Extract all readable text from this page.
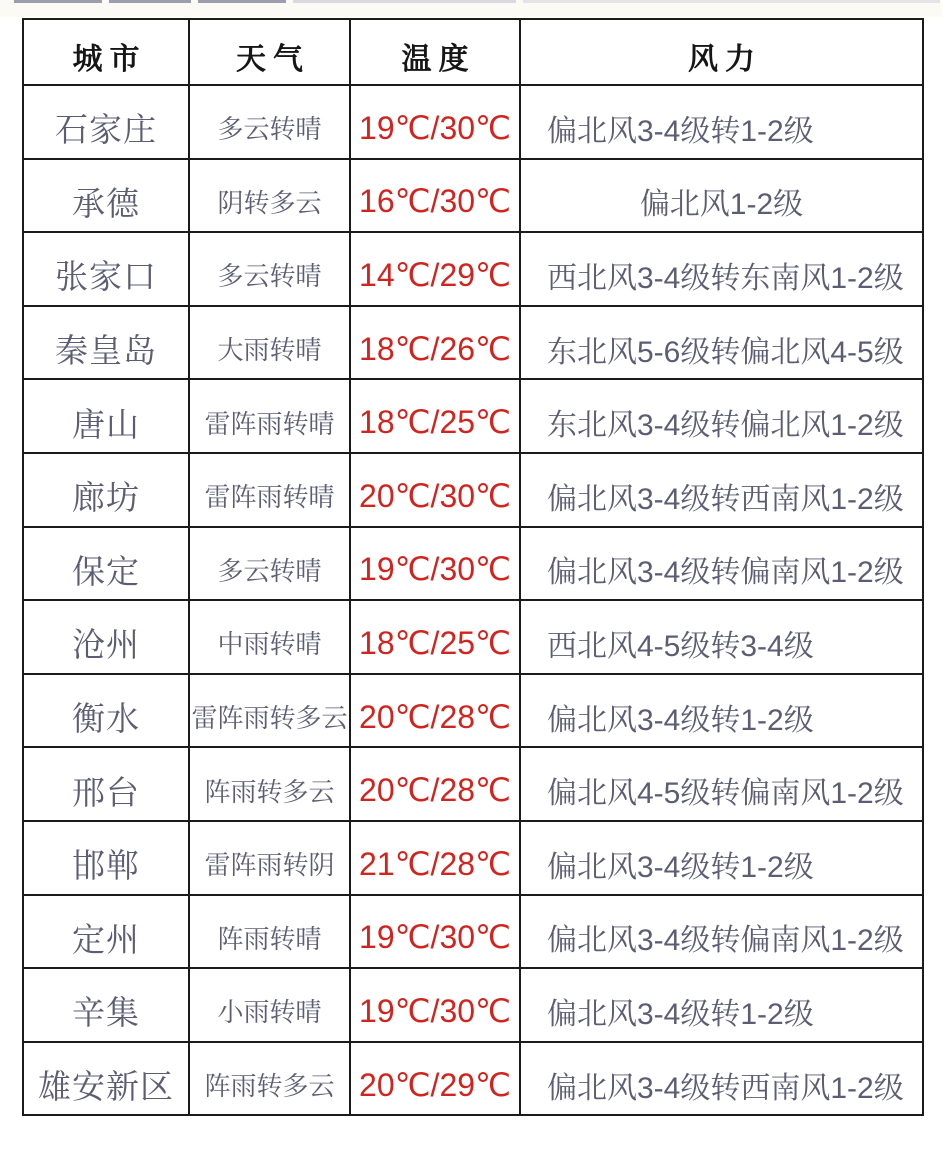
城市	天气	温度	风力
石家庄	多云转晴	19℃/30℃	偏北风3-4级转1-2级
承德	阴转多云	16℃/30℃	偏北风1-2级
张家口	多云转晴	14℃/29℃	西北风3-4级转东南风1-2级
秦皇岛	大雨转晴	18℃/26℃	东北风5-6级转偏北风4-5级
唐山	雷阵雨转晴	18℃/25℃	东北风3-4级转偏北风1-2级
廊坊	雷阵雨转晴	20℃/30℃	偏北风3-4级转西南风1-2级
保定	多云转晴	19℃/30℃	偏北风3-4级转偏南风1-2级
沧州	中雨转晴	18℃/25℃	西北风4-5级转3-4级
衡水	雷阵雨转多云	20℃/28℃	偏北风3-4级转1-2级
邢台	阵雨转多云	20℃/28℃	偏北风4-5级转偏南风1-2级
邯郸	雷阵雨转阴	21℃/28℃	偏北风3-4级转1-2级
定州	阵雨转晴	19℃/30℃	偏北风3-4级转偏南风1-2级
辛集	小雨转晴	19℃/30℃	偏北风3-4级转1-2级
雄安新区	阵雨转多云	20℃/29℃	偏北风3-4级转西南风1-2级
